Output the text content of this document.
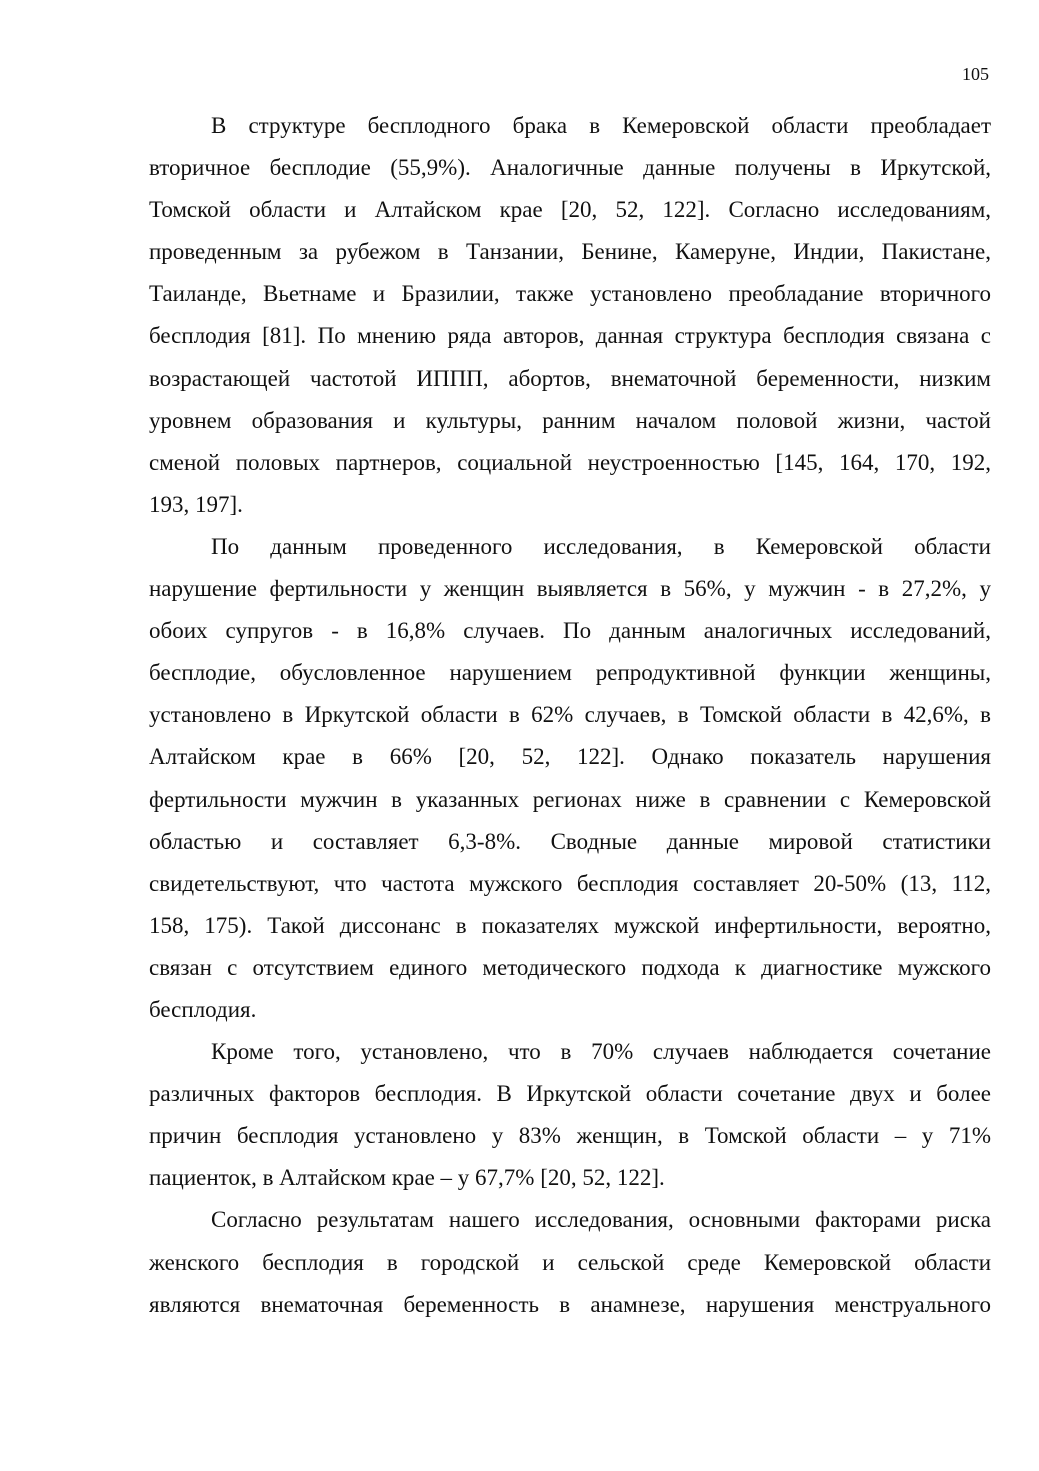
105
В структуре бесплодного брака в Кемеровской области преобладает
вторичное бесплодие (55,9%). Аналогичные данные получены в Иркутской,
Томской области и Алтайском крае [20, 52, 122]. Согласно исследованиям,
проведенным за рубежом в Танзании, Бенине, Камеруне, Индии, Пакистане,
Таиланде, Вьетнаме и Бразилии, также установлено преобладание вторичного
бесплодия [81]. По мнению ряда авторов, данная структура бесплодия связана с
возрастающей частотой ИППП, абортов, внематочной беременности, низким
уровнем образования и культуры, ранним началом половой жизни, частой
сменой половых партнеров, социальной неустроенностью [145, 164, 170, 192,
193, 197].
По данным проведенного исследования, в Кемеровской области
нарушение фертильности у женщин выявляется в 56%, у мужчин - в 27,2%, у
обоих супругов - в 16,8% случаев. По данным аналогичных исследований,
бесплодие, обусловленное нарушением репродуктивной функции женщины,
установлено в Иркутской области в 62% случаев, в Томской области в 42,6%, в
Алтайском крае в 66% [20, 52, 122]. Однако показатель нарушения
фертильности мужчин в указанных регионах ниже в сравнении с Кемеровской
областью и составляет 6,3-8%. Сводные данные мировой статистики
свидетельствуют, что частота мужского бесплодия составляет 20-50% (13, 112,
158, 175). Такой диссонанс в показателях мужской инфертильности, вероятно,
связан с отсутствием единого методического подхода к диагностике мужского
бесплодия.
Кроме того, установлено, что в 70% случаев наблюдается сочетание
различных факторов бесплодия. В Иркутской области сочетание двух и более
причин бесплодия установлено у 83% женщин, в Томской области – у 71%
пациенток, в Алтайском крае – у 67,7% [20, 52, 122].
Согласно результатам нашего исследования, основными факторами риска
женского бесплодия в городской и сельской среде Кемеровской области
являются внематочная беременность в анамнезе, нарушения менструального
